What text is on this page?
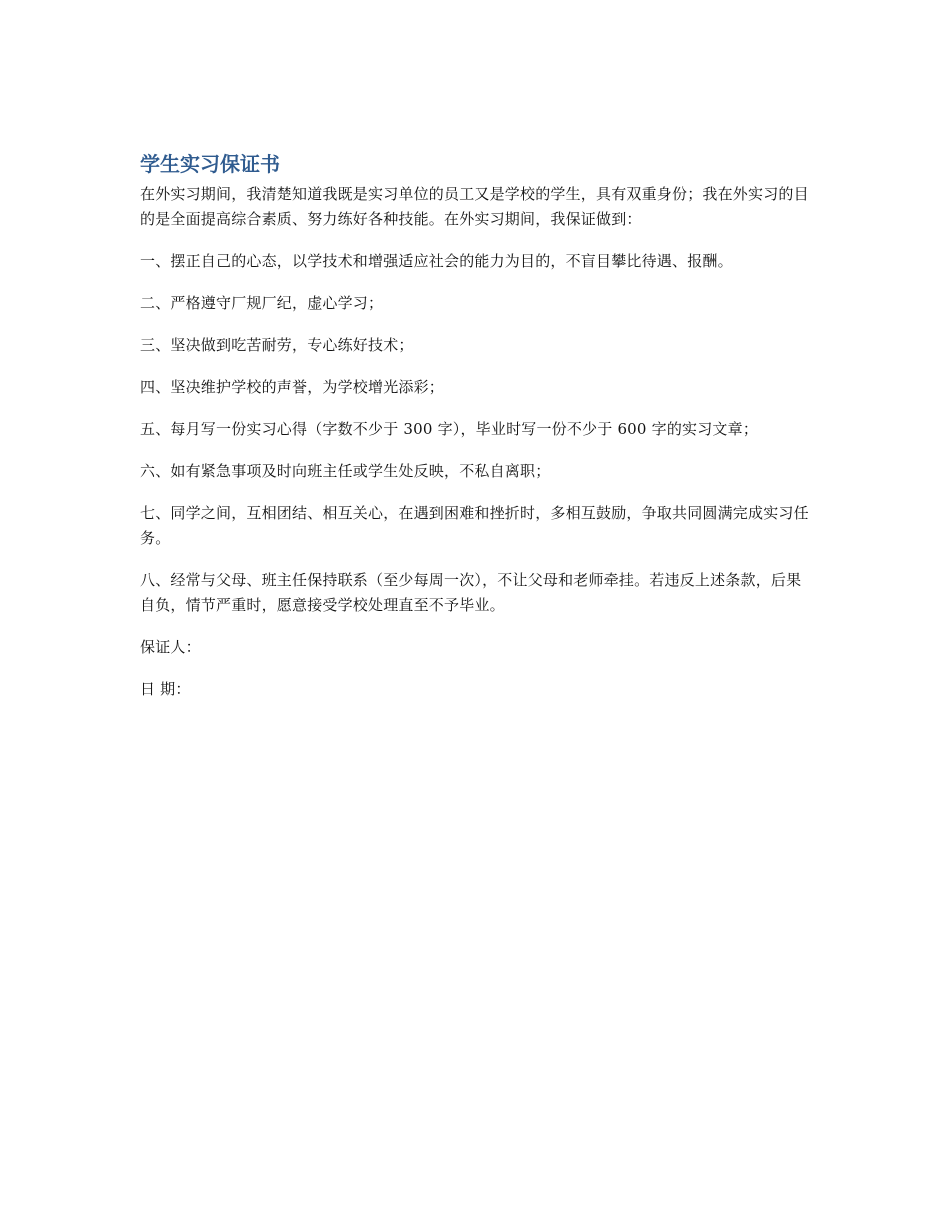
学生实习保证书

在外实习期间，我清楚知道我既是实习单位的员工又是学校的学生，具有双重身份；我在外实习的目的是全面提高综合素质、努力练好各种技能。在外实习期间，我保证做到：

一、摆正自己的心态，以学技术和增强适应社会的能力为目的，不盲目攀比待遇、报酬。

二、严格遵守厂规厂纪，虚心学习；

三、坚决做到吃苦耐劳，专心练好技术；

四、坚决维护学校的声誉，为学校增光添彩；

五、每月写一份实习心得（字数不少于 300 字），毕业时写一份不少于 600 字的实习文章；

六、如有紧急事项及时向班主任或学生处反映，不私自离职；

七、同学之间，互相团结、相互关心，在遇到困难和挫折时，多相互鼓励，争取共同圆满完成实习任务。

八、经常与父母、班主任保持联系（至少每周一次），不让父母和老师牵挂。若违反上述条款，后果自负，情节严重时，愿意接受学校处理直至不予毕业。

保证人：

日 期：
